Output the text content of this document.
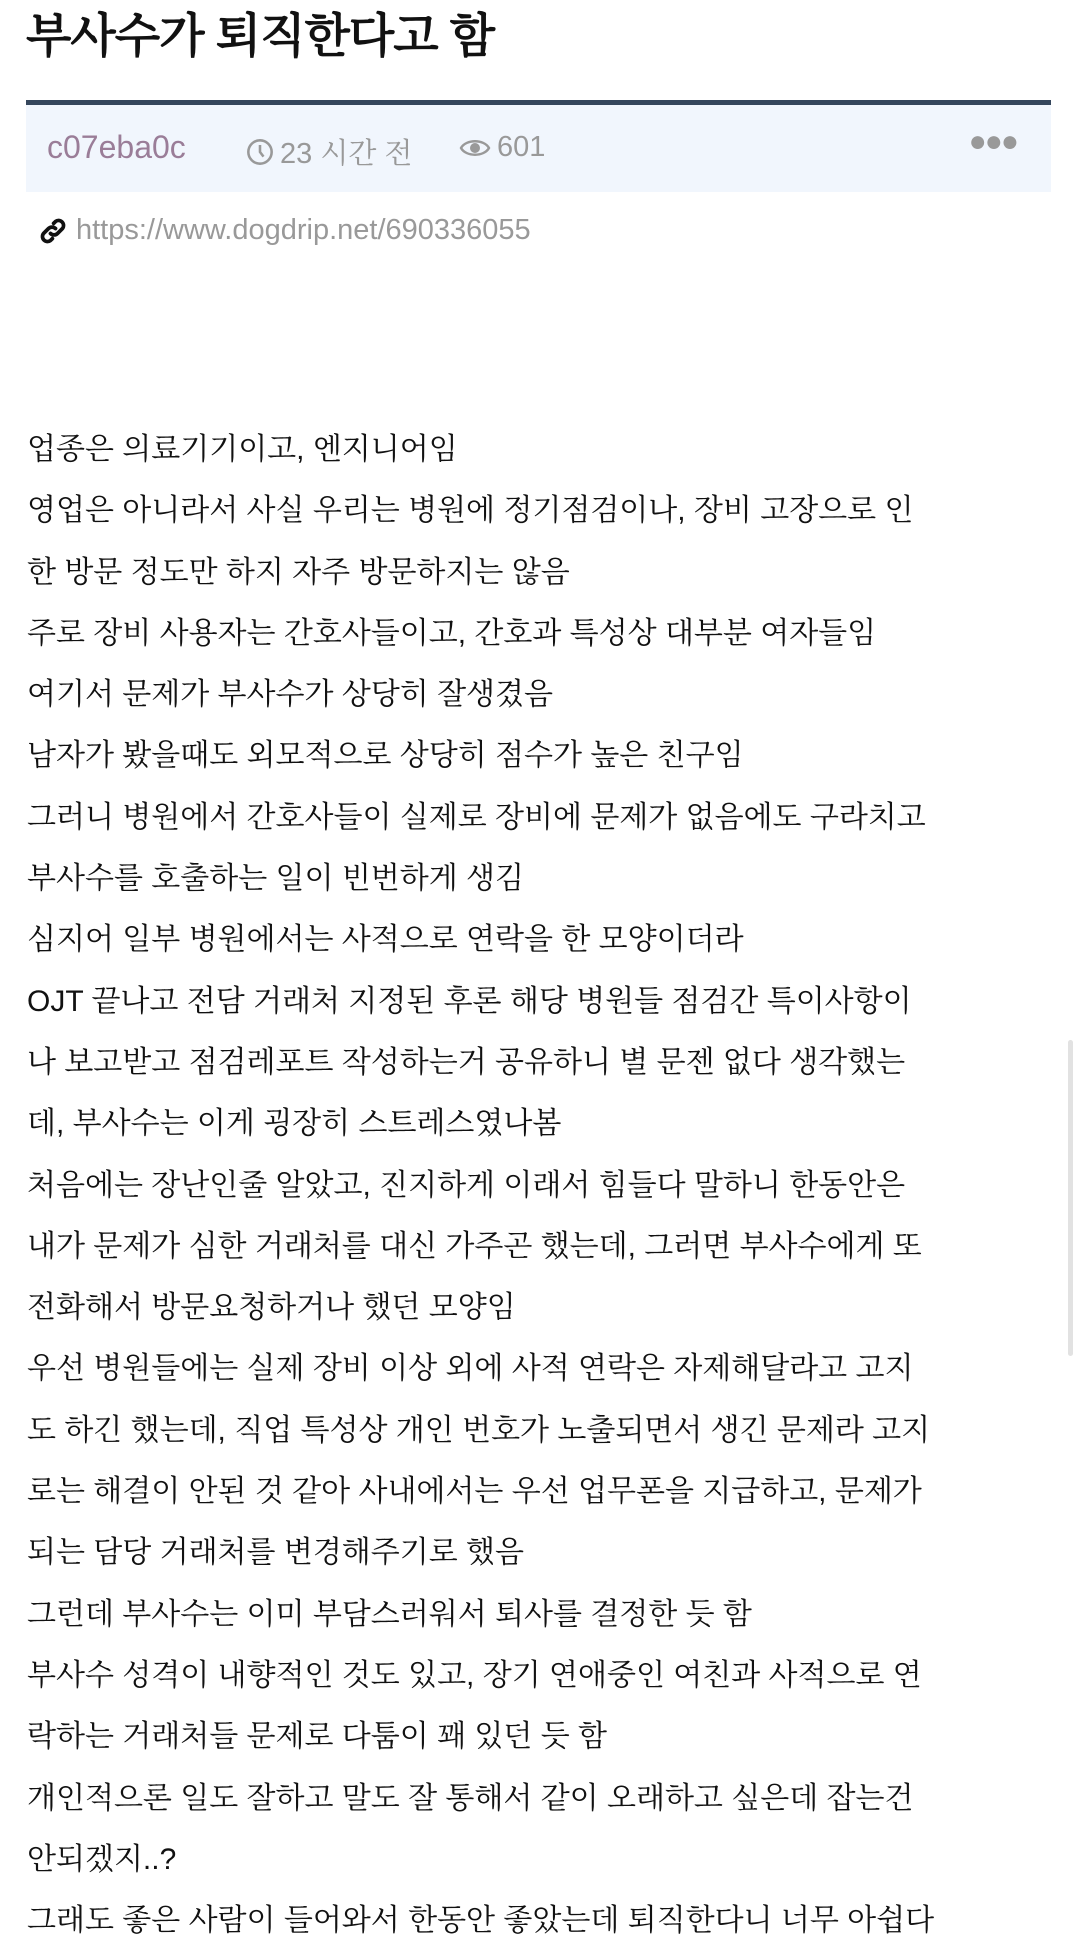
부사수가 퇴직한다고 함
c07eba0c	23 시간 전	601	●●●
https://www.dogdrip.net/690336055
업종은 의료기기이고, 엔지니어임
영업은 아니라서 사실 우리는 병원에 정기점검이나, 장비 고장으로 인
한 방문 정도만 하지 자주 방문하지는 않음
주로 장비 사용자는 간호사들이고, 간호과 특성상 대부분 여자들임
여기서 문제가 부사수가 상당히 잘생겼음
남자가 봤을때도 외모적으로 상당히 점수가 높은 친구임
그러니 병원에서 간호사들이 실제로 장비에 문제가 없음에도 구라치고
부사수를 호출하는 일이 빈번하게 생김
심지어 일부 병원에서는 사적으로 연락을 한 모양이더라
OJT 끝나고 전담 거래처 지정된 후론 해당 병원들 점검간 특이사항이
나 보고받고 점검레포트 작성하는거 공유하니 별 문젠 없다 생각했는
데, 부사수는 이게 굉장히 스트레스였나봄
처음에는 장난인줄 알았고, 진지하게 이래서 힘들다 말하니 한동안은
내가 문제가 심한 거래처를 대신 가주곤 했는데, 그러면 부사수에게 또
전화해서 방문요청하거나 했던 모양임
우선 병원들에는 실제 장비 이상 외에 사적 연락은 자제해달라고 고지
도 하긴 했는데, 직업 특성상 개인 번호가 노출되면서 생긴 문제라 고지
로는 해결이 안된 것 같아 사내에서는 우선 업무폰을 지급하고, 문제가
되는 담당 거래처를 변경해주기로 했음
그런데 부사수는 이미 부담스러워서 퇴사를 결정한 듯 함
부사수 성격이 내향적인 것도 있고, 장기 연애중인 여친과 사적으로 연
락하는 거래처들 문제로 다툼이 꽤 있던 듯 함
개인적으론 일도 잘하고 말도 잘 통해서 같이 오래하고 싶은데 잡는건
안되겠지..?
그래도 좋은 사람이 들어와서 한동안 좋았는데 퇴직한다니 너무 아쉽다
